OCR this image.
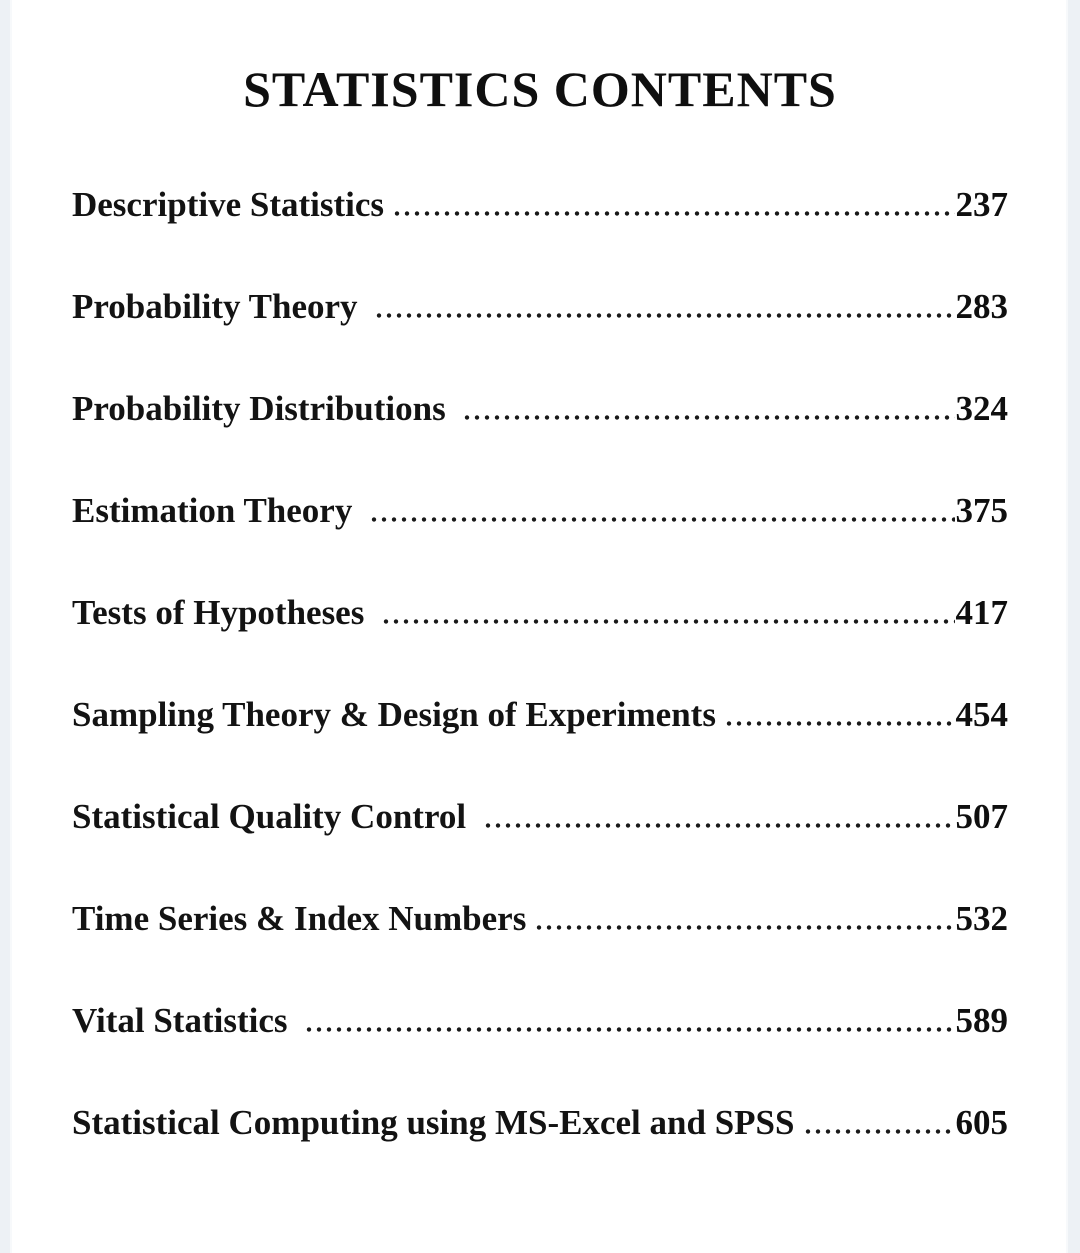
STATISTICS CONTENTS
Descriptive Statistics	237
Probability Theory	283
Probability Distributions	324
Estimation Theory	375
Tests of Hypotheses	417
Sampling Theory & Design of Experiments	454
Statistical Quality Control	507
Time Series & Index Numbers	532
Vital Statistics	589
Statistical Computing using MS-Excel and SPSS	605
